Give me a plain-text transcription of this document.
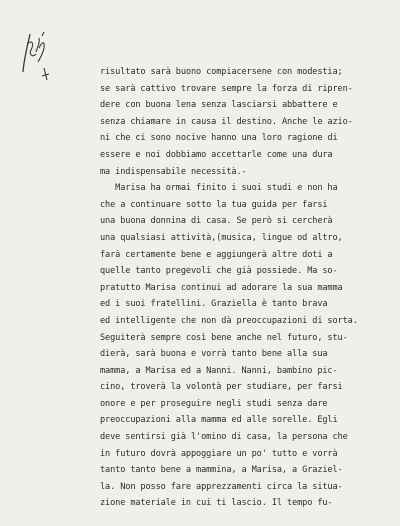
risultato sarà buono compiacersene con modestia;
se sarà cattivo trovare sempre la forza di ripren-
dere con buona lena senza lasciarsi abbattere e
senza chiamare in causa il destino. Anche le azio-
ni che ci sono nocive hanno una loro ragione di
essere e noi dobbiamo accettarle come una dura
ma indispensabile necessità.-
Marisa ha ormai finito i suoi studi e non ha
che a continuare sotto la tua guida per farsi
una buona donnina di casa. Se però si cercherà
una qualsiasi attività,(musica, lingue od altro,
farà certamente bene e aggiungerà altre doti a
quelle tanto pregevoli che già possiede. Ma so-
pratutto Marisa continui ad adorare la sua mamma
ed i suoi fratellini. Graziella è tanto brava
ed intelligente che non dà preoccupazioni di sorta.
Seguiterà sempre così bene anche nel futuro, stu-
dierà, sarà buona e vorrà tanto bene alla sua
mamma, a Marisa ed a Nanni. Nanni, bambino pic-
cino, troverà la volontà per studiare, per farsi
onore e per proseguire negli studi senza dare
preoccupazioni alla mamma ed alle sorelle. Egli
deve sentirsi già l'omino di casa, la persona che
in futuro dovrà appoggiare un po' tutto e vorrà
tanto tanto bene a mammina, a Marisa, a Graziel-
la. Non posso fare apprezzamenti circa la situa-
zione materiale in cui ti lascio. Il tempo fu-
